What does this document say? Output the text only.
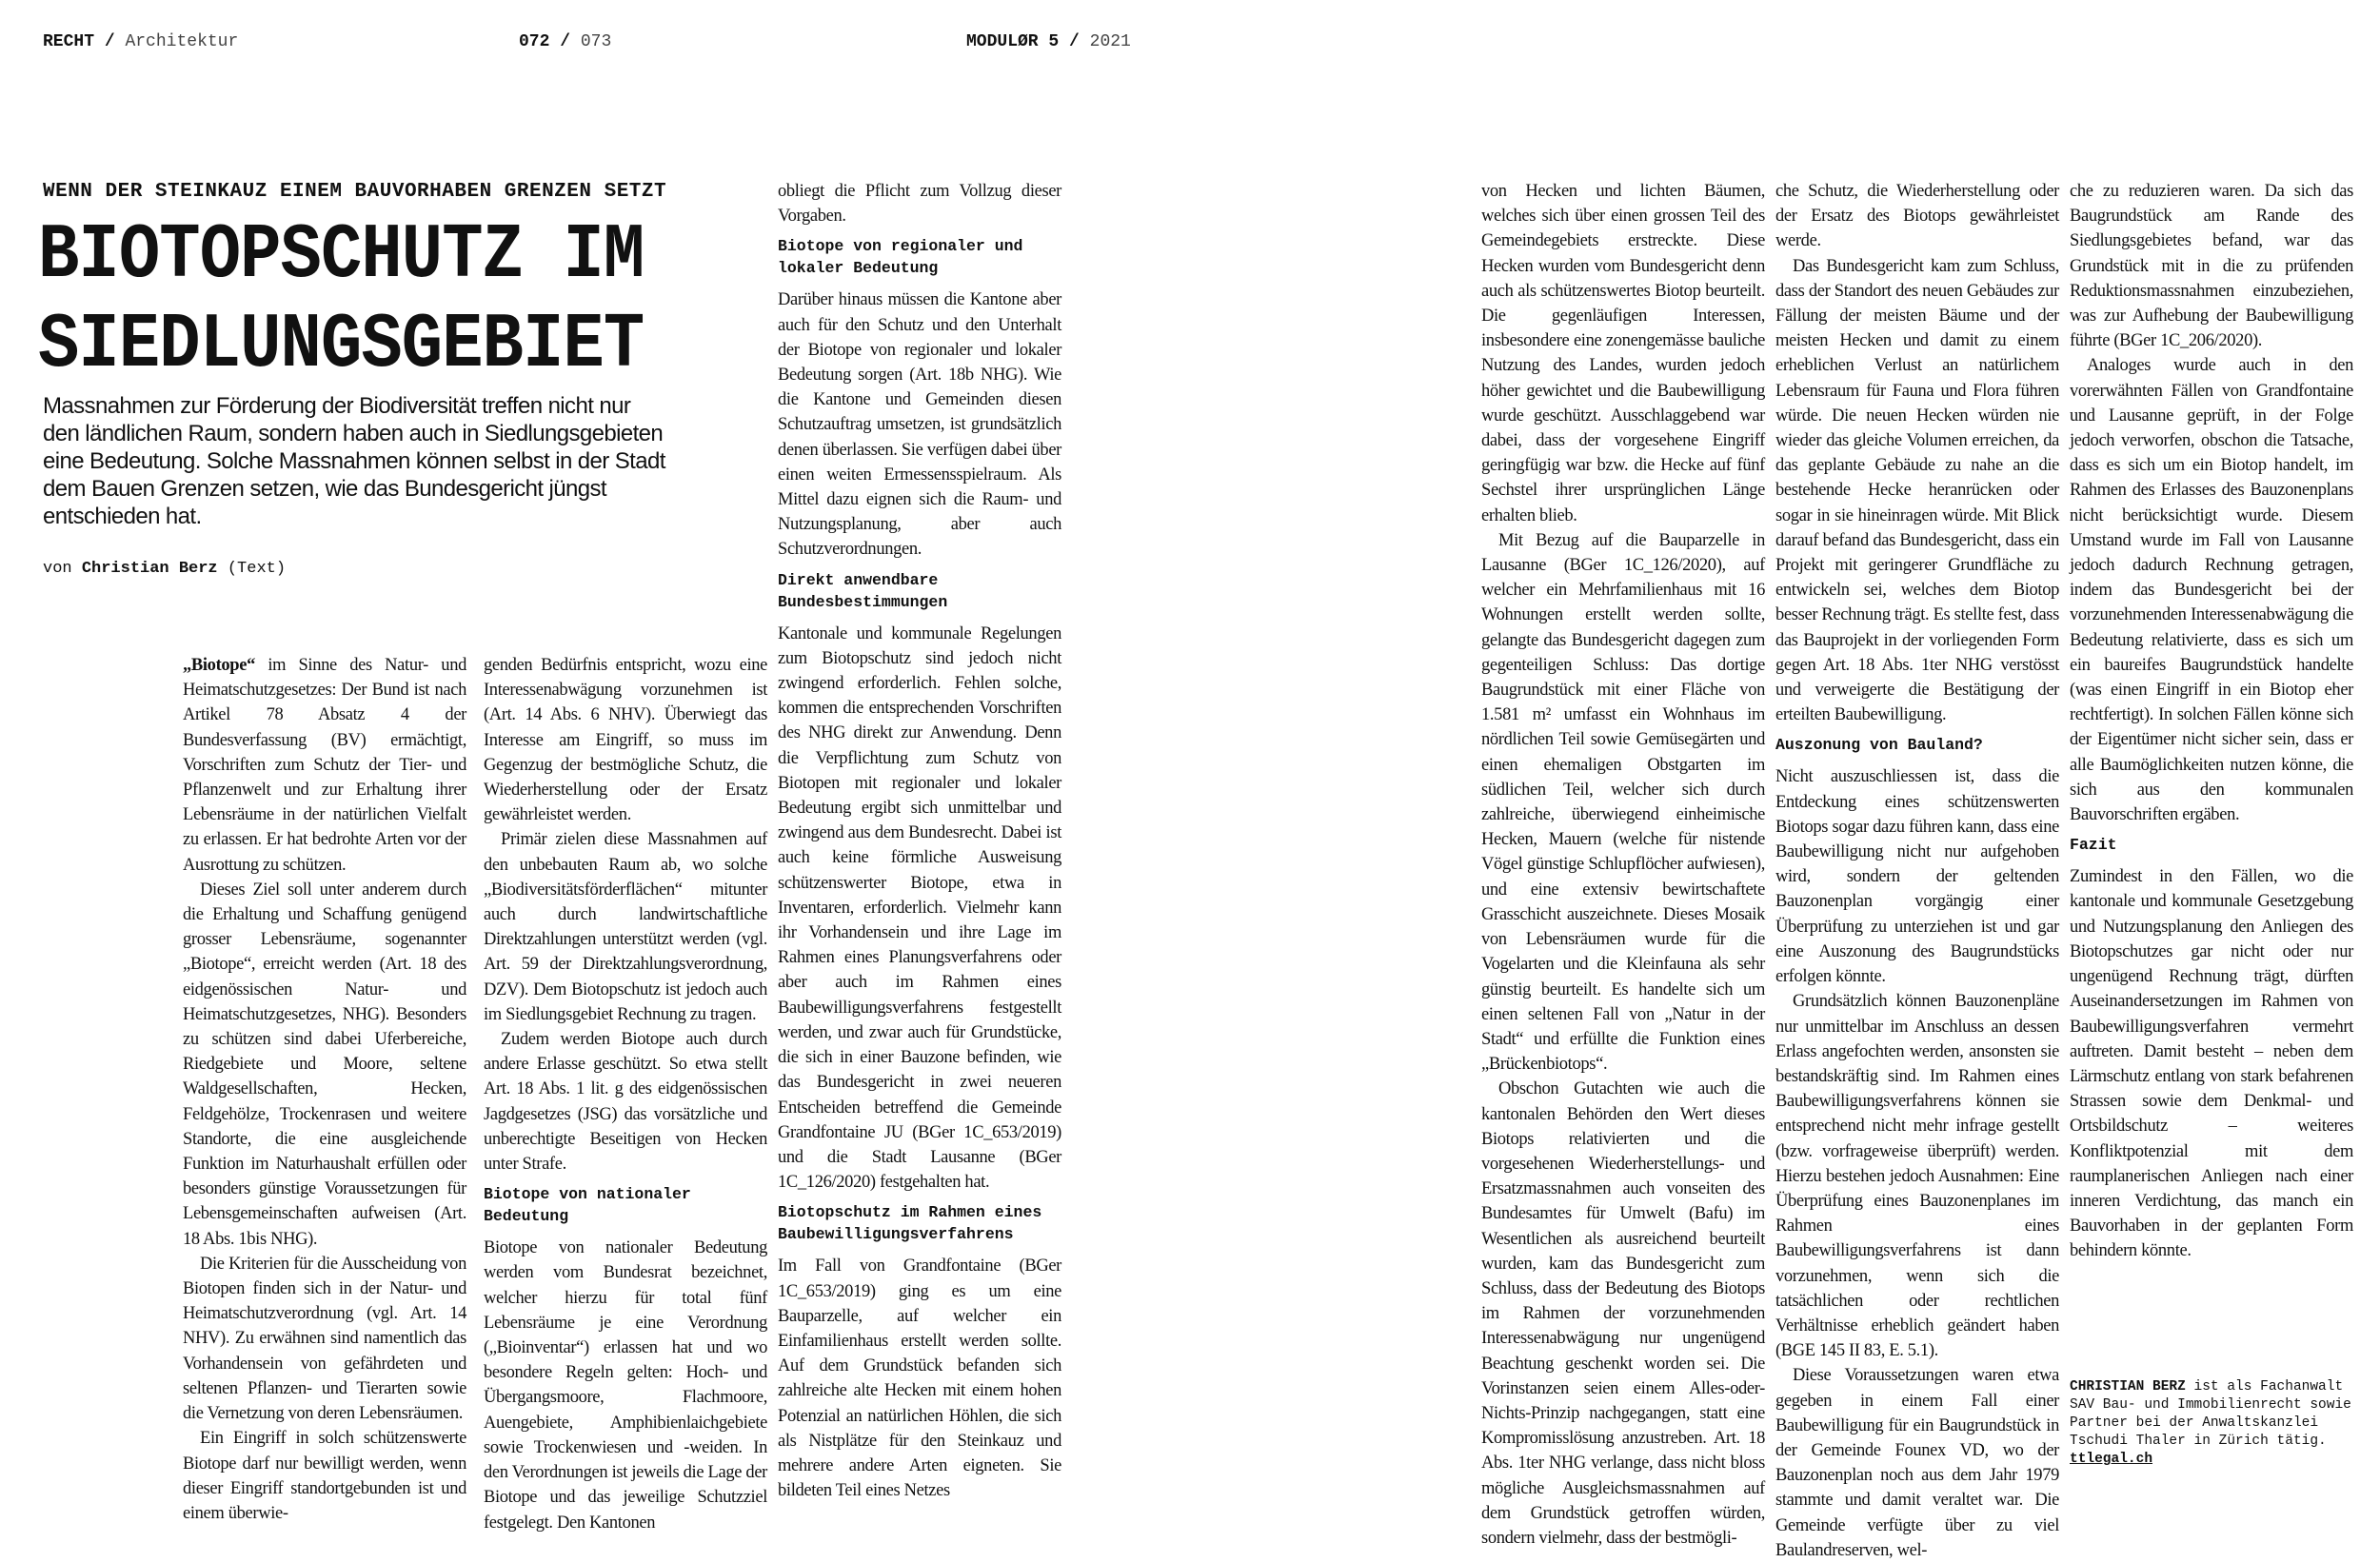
RECHT / Architektur	072 / 073	MODULØR 5 / 2021
WENN DER STEINKAUZ EINEM BAUVORHABEN GRENZEN SETZT
BIOTOPSCHUTZ IM
SIEDLUNGSGEBIET
Massnahmen zur Förderung der Biodiversität treffen nicht nur den ländlichen Raum, sondern haben auch in Siedlungsgebieten eine Bedeutung. Solche Massnahmen können selbst in der Stadt dem Bauen Grenzen setzen, wie das Bundesgericht jüngst entschieden hat.
von Christian Berz (Text)

„Biotope“ im Sinne des Natur- und Heimatschutzgesetzes: Der Bund ist nach Artikel 78 Absatz 4 der Bundesverfassung (BV) ermächtigt, Vorschriften zum Schutz der Tier- und Pflanzenwelt und zur Erhaltung ihrer Lebensräume in der natürlichen Vielfalt zu erlassen. Er hat bedrohte Arten vor der Ausrottung zu schützen.

Dieses Ziel soll unter anderem durch die Erhaltung und Schaffung genügend grosser Lebensräume, sogenannter „Biotope“, erreicht werden (Art. 18 des eidgenössischen Natur- und Heimatschutzgesetzes, NHG). Besonders zu schützen sind dabei Uferbereiche, Riedgebiete und Moore, seltene Waldgesellschaften, Hecken, Feldgehölze, Trockenrasen und weitere Standorte, die eine ausgleichende Funktion im Naturhaushalt erfüllen oder besonders günstige Voraussetzungen für Lebensgemeinschaften aufweisen (Art. 18 Abs. 1bis NHG).

Die Kriterien für die Ausscheidung von Biotopen finden sich in der Natur- und Heimatschutzverordnung (vgl. Art. 14 NHV). Zu erwähnen sind namentlich das Vorhandensein von gefährdeten und seltenen Pflanzen- und Tierarten sowie die Vernetzung von deren Lebensräumen.

Ein Eingriff in solch schützenswerte Biotope darf nur bewilligt werden, wenn dieser Eingriff standortgebunden ist und einem überwie-

genden Bedürfnis entspricht, wozu eine Interessenabwägung vorzunehmen ist (Art. 14 Abs. 6 NHV). Überwiegt das Interesse am Eingriff, so muss im Gegenzug der bestmögliche Schutz, die Wiederherstellung oder der Ersatz gewährleistet werden.

Primär zielen diese Massnahmen auf den unbebauten Raum ab, wo solche „Biodiversitätsförderflächen“ mitunter auch durch landwirtschaftliche Direktzahlungen unterstützt werden (vgl. Art. 59 der Direktzahlungsverordnung, DZV). Dem Biotopschutz ist jedoch auch im Siedlungsgebiet Rechnung zu tragen.

Zudem werden Biotope auch durch andere Erlasse geschützt. So etwa stellt Art. 18 Abs. 1 lit. g des eidgenössischen Jagdgesetzes (JSG) das vorsätzliche und unberechtigte Beseitigen von Hecken unter Strafe.

Biotope von nationaler Bedeutung

Biotope von nationaler Bedeutung werden vom Bundesrat bezeichnet, welcher hierzu für total fünf Lebensräume je eine Verordnung („Bioinventar“) erlassen hat und wo besondere Regeln gelten: Hoch- und Übergangsmoore, Flachmoore, Auengebiete, Amphibienlaichgebiete sowie Trockenwiesen und -weiden. In den Verordnungen ist jeweils die Lage der Biotope und das jeweilige Schutzziel festgelegt. Den Kantonen

obliegt die Pflicht zum Vollzug dieser Vorgaben.

Biotope von regionaler und lokaler Bedeutung

Darüber hinaus müssen die Kantone aber auch für den Schutz und den Unterhalt der Biotope von regionaler und lokaler Bedeutung sorgen (Art. 18b NHG). Wie die Kantone und Gemeinden diesen Schutzauftrag umsetzen, ist grundsätzlich denen überlassen. Sie verfügen dabei über einen weiten Ermessensspielraum. Als Mittel dazu eignen sich die Raum- und Nutzungsplanung, aber auch Schutzverordnungen.

Direkt anwendbare Bundesbestimmungen

Kantonale und kommunale Regelungen zum Biotopschutz sind jedoch nicht zwingend erforderlich. Fehlen solche, kommen die entsprechenden Vorschriften des NHG direkt zur Anwendung. Denn die Verpflichtung zum Schutz von Biotopen mit regionaler und lokaler Bedeutung ergibt sich unmittelbar und zwingend aus dem Bundesrecht. Dabei ist auch keine förmliche Ausweisung schützenswerter Biotope, etwa in Inventaren, erforderlich. Vielmehr kann ihr Vorhandensein und ihre Lage im Rahmen eines Planungsverfahrens oder aber auch im Rahmen eines Baubewilligungsverfahrens festgestellt werden, und zwar auch für Grundstücke, die sich in einer Bauzone befinden, wie das Bundesgericht in zwei neueren Entscheiden betreffend die Gemeinde Grandfontaine JU (BGer 1C_653/2019) und die Stadt Lausanne (BGer 1C_126/2020) festgehalten hat.

Biotopschutz im Rahmen eines Baubewilligungsverfahrens

Im Fall von Grandfontaine (BGer 1C_653/2019) ging es um eine Bauparzelle, auf welcher ein Einfamilienhaus erstellt werden sollte. Auf dem Grundstück befanden sich zahlreiche alte Hecken mit einem hohen Potenzial an natürlichen Höhlen, die sich als Nistplätze für den Steinkauz und mehrere andere Arten eigneten. Sie bildeten Teil eines Netzes

von Hecken und lichten Bäumen, welches sich über einen grossen Teil des Gemeindegebiets erstreckte. Diese Hecken wurden vom Bundesgericht denn auch als schützenswertes Biotop beurteilt. Die gegenläufigen Interessen, insbesondere eine zonengemässe bauliche Nutzung des Landes, wurden jedoch höher gewichtet und die Baubewilligung wurde geschützt. Ausschlaggebend war dabei, dass der vorgesehene Eingriff geringfügig war bzw. die Hecke auf fünf Sechstel ihrer ursprünglichen Länge erhalten blieb.

Mit Bezug auf die Bauparzelle in Lausanne (BGer 1C_126/2020), auf welcher ein Mehrfamilienhaus mit 16 Wohnungen erstellt werden sollte, gelangte das Bundesgericht dagegen zum gegenteiligen Schluss: Das dortige Baugrundstück mit einer Fläche von 1.581 m² umfasst ein Wohnhaus im nördlichen Teil sowie Gemüsegärten und einen ehemaligen Obstgarten im südlichen Teil, welcher sich durch zahlreiche, überwiegend einheimische Hecken, Mauern (welche für nistende Vögel günstige Schlupflöcher aufwiesen), und eine extensiv bewirtschaftete Grasschicht auszeichnete. Dieses Mosaik von Lebensräumen wurde für die Vogelarten und die Kleinfauna als sehr günstig beurteilt. Es handelte sich um einen seltenen Fall von „Natur in der Stadt“ und erfüllte die Funktion eines „Brückenbiotops“.

Obschon Gutachten wie auch die kantonalen Behörden den Wert dieses Biotops relativierten und die vorgesehenen Wiederherstellungs- und Ersatzmassnahmen auch vonseiten des Bundesamtes für Umwelt (Bafu) im Wesentlichen als ausreichend beurteilt wurden, kam das Bundesgericht zum Schluss, dass der Bedeutung des Biotops im Rahmen der vorzunehmenden Interessenabwägung nur ungenügend Beachtung geschenkt worden sei. Die Vorinstanzen seien einem Alles-oder-Nichts-Prinzip nachgegangen, statt eine Kompromisslösung anzustreben. Art. 18 Abs. 1ter NHG verlange, dass nicht bloss mögliche Ausgleichsmassnahmen auf dem Grundstück getroffen würden, sondern vielmehr, dass der bestmögli-

che Schutz, die Wiederherstellung oder der Ersatz des Biotops gewährleistet werde.

Das Bundesgericht kam zum Schluss, dass der Standort des neuen Gebäudes zur Fällung der meisten Bäume und der meisten Hecken und damit zu einem erheblichen Verlust an natürlichem Lebensraum für Fauna und Flora führen würde. Die neuen Hecken würden nie wieder das gleiche Volumen erreichen, da das geplante Gebäude zu nahe an die bestehende Hecke heranrücken oder sogar in sie hineinragen würde. Mit Blick darauf befand das Bundesgericht, dass ein Projekt mit geringerer Grundfläche zu entwickeln sei, welches dem Biotop besser Rechnung trägt. Es stellte fest, dass das Bauprojekt in der vorliegenden Form gegen Art. 18 Abs. 1ter NHG verstösst und verweigerte die Bestätigung der erteilten Baubewilligung.

Auszonung von Bauland?

Nicht auszuschliessen ist, dass die Entdeckung eines schützenswerten Biotops sogar dazu führen kann, dass eine Baubewilligung nicht nur aufgehoben wird, sondern der geltenden Bauzonenplan vorgängig einer Überprüfung zu unterziehen ist und gar eine Auszonung des Baugrundstücks erfolgen könnte.

Grundsätzlich können Bauzonenpläne nur unmittelbar im Anschluss an dessen Erlass angefochten werden, ansonsten sie bestandskräftig sind. Im Rahmen eines Baubewilligungsverfahrens können sie entsprechend nicht mehr infrage gestellt (bzw. vorfrageweise überprüft) werden. Hierzu bestehen jedoch Ausnahmen: Eine Überprüfung eines Bauzonenplanes im Rahmen eines Baubewilligungsverfahrens ist dann vorzunehmen, wenn sich die tatsächlichen oder rechtlichen Verhältnisse erheblich geändert haben (BGE 145 II 83, E. 5.1).

Diese Voraussetzungen waren etwa gegeben in einem Fall einer Baubewilligung für ein Baugrundstück in der Gemeinde Founex VD, wo der Bauzonenplan noch aus dem Jahr 1979 stammte und damit veraltet war. Die Gemeinde verfügte über zu viel Baulandreserven, wel-

che zu reduzieren waren. Da sich das Baugrundstück am Rande des Siedlungsgebietes befand, war das Grundstück mit in die zu prüfenden Reduktionsmassnahmen einzubeziehen, was zur Aufhebung der Baubewilligung führte (BGer 1C_206/2020).

Analoges wurde auch in den vorerwähnten Fällen von Grandfontaine und Lausanne geprüft, in der Folge jedoch verworfen, obschon die Tatsache, dass es sich um ein Biotop handelt, im Rahmen des Erlasses des Bauzonenplans nicht berücksichtigt wurde. Diesem Umstand wurde im Fall von Lausanne jedoch dadurch Rechnung getragen, indem das Bundesgericht bei der vorzunehmenden Interessenabwägung die Bedeutung relativierte, dass es sich um ein baureifes Baugrundstück handelte (was einen Eingriff in ein Biotop eher rechtfertigt). In solchen Fällen könne sich der Eigentümer nicht sicher sein, dass er alle Baumöglichkeiten nutzen könne, die sich aus den kommunalen Bauvorschriften ergäben.

Fazit

Zumindest in den Fällen, wo die kantonale und kommunale Gesetzgebung und Nutzungsplanung den Anliegen des Biotopschutzes gar nicht oder nur ungenügend Rechnung trägt, dürften Auseinandersetzungen im Rahmen von Baubewilligungsverfahren vermehrt auftreten. Damit besteht – neben dem Lärmschutz entlang von stark befahrenen Strassen sowie dem Denkmal- und Ortsbildschutz – weiteres Konfliktpotenzial mit dem raumplanerischen Anliegen nach einer inneren Verdichtung, das manch ein Bauvorhaben in der geplanten Form behindern könnte.

CHRISTIAN BERZ ist als Fachanwalt SAV Bau- und Immobilienrecht sowie Partner bei der Anwaltskanzlei Tschudi Thaler in Zürich tätig.
ttlegal.ch
